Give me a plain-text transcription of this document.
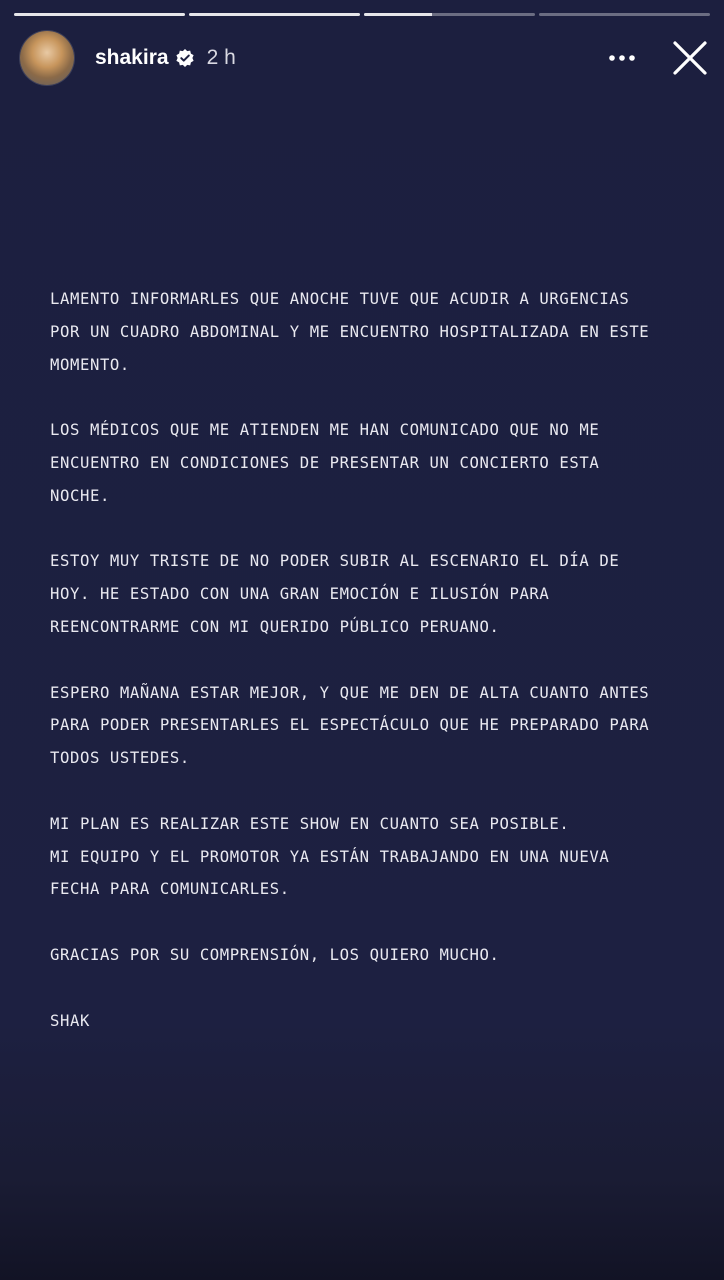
shakira 2 h

LAMENTO INFORMARLES QUE ANOCHE TUVE QUE ACUDIR A URGENCIAS
POR UN CUADRO ABDOMINAL Y ME ENCUENTRO HOSPITALIZADA EN ESTE
MOMENTO.

LOS MÉDICOS QUE ME ATIENDEN ME HAN COMUNICADO QUE NO ME
ENCUENTRO EN CONDICIONES DE PRESENTAR UN CONCIERTO ESTA
NOCHE.

ESTOY MUY TRISTE DE NO PODER SUBIR AL ESCENARIO EL DÍA DE
HOY. HE ESTADO CON UNA GRAN EMOCIÓN E ILUSIÓN PARA
REENCONTRARME CON MI QUERIDO PÚBLICO PERUANO.

ESPERO MAÑANA ESTAR MEJOR, Y QUE ME DEN DE ALTA CUANTO ANTES
PARA PODER PRESENTARLES EL ESPECTÁCULO QUE HE PREPARADO PARA
TODOS USTEDES.

MI PLAN ES REALIZAR ESTE SHOW EN CUANTO SEA POSIBLE.
MI EQUIPO Y EL PROMOTOR YA ESTÁN TRABAJANDO EN UNA NUEVA
FECHA PARA COMUNICARLES.

GRACIAS POR SU COMPRENSIÓN, LOS QUIERO MUCHO.

SHAK
